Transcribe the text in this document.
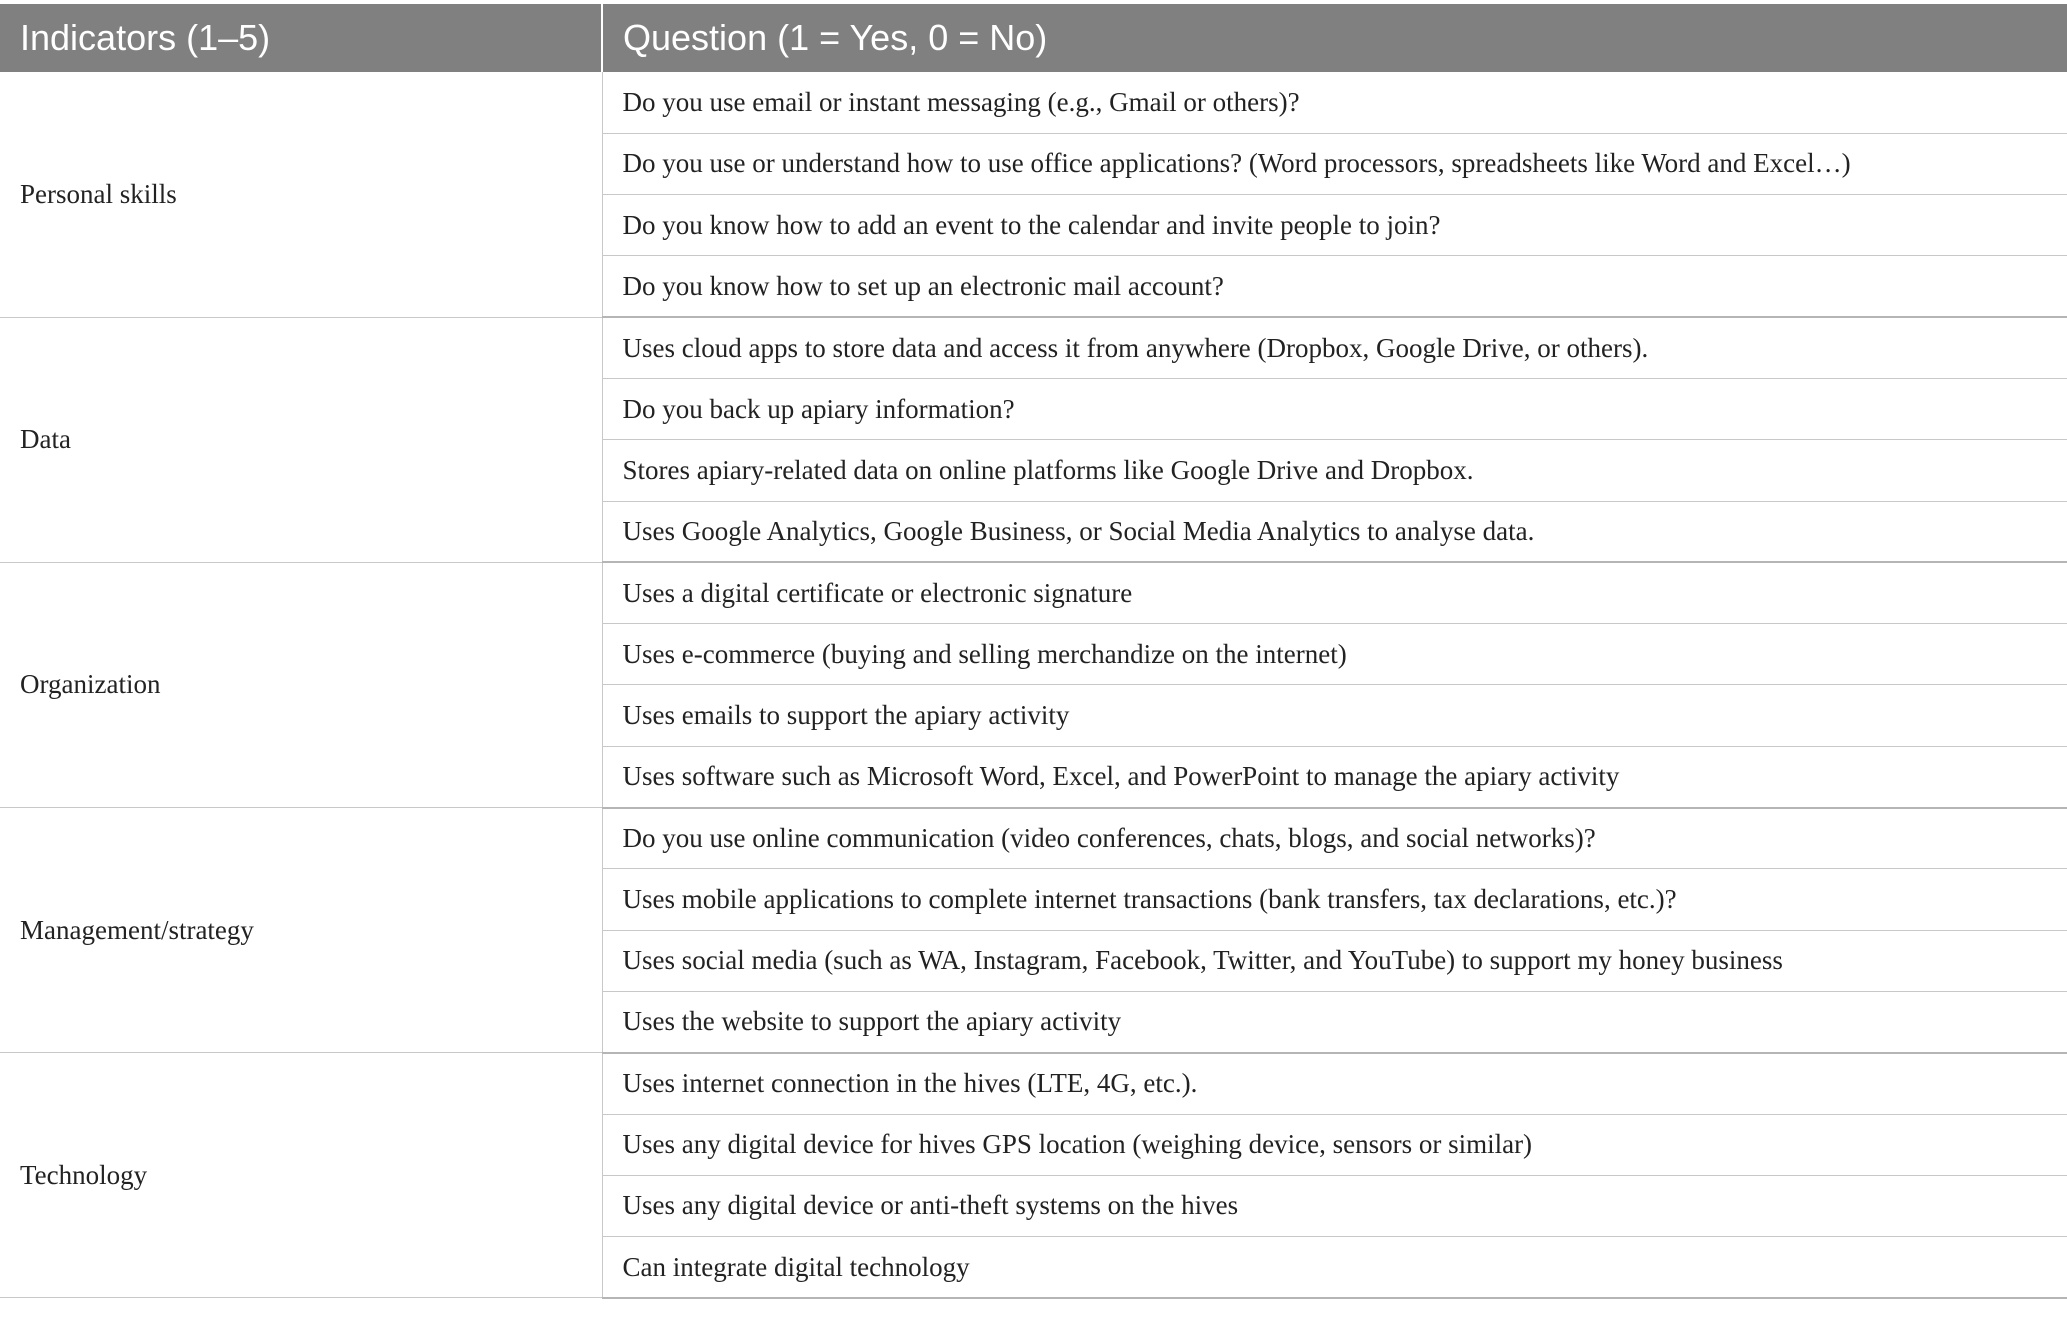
Indicators (1–5)	Question (1 = Yes, 0 = No)
Personal skills	Do you use email or instant messaging (e.g., Gmail or others)?
	Do you use or understand how to use office applications? (Word processors, spreadsheets like Word and Excel…)
	Do you know how to add an event to the calendar and invite people to join?
	Do you know how to set up an electronic mail account?
Data	Uses cloud apps to store data and access it from anywhere (Dropbox, Google Drive, or others).
	Do you back up apiary information?
	Stores apiary-related data on online platforms like Google Drive and Dropbox.
	Uses Google Analytics, Google Business, or Social Media Analytics to analyse data.
Organization	Uses a digital certificate or electronic signature
	Uses e-commerce (buying and selling merchandize on the internet)
	Uses emails to support the apiary activity
	Uses software such as Microsoft Word, Excel, and PowerPoint to manage the apiary activity
Management/strategy	Do you use online communication (video conferences, chats, blogs, and social networks)?
	Uses mobile applications to complete internet transactions (bank transfers, tax declarations, etc.)?
	Uses social media (such as WA, Instagram, Facebook, Twitter, and YouTube) to support my honey business
	Uses the website to support the apiary activity
Technology	Uses internet connection in the hives (LTE, 4G, etc.).
	Uses any digital device for hives GPS location (weighing device, sensors or similar)
	Uses any digital device or anti-theft systems on the hives
	Can integrate digital technology
